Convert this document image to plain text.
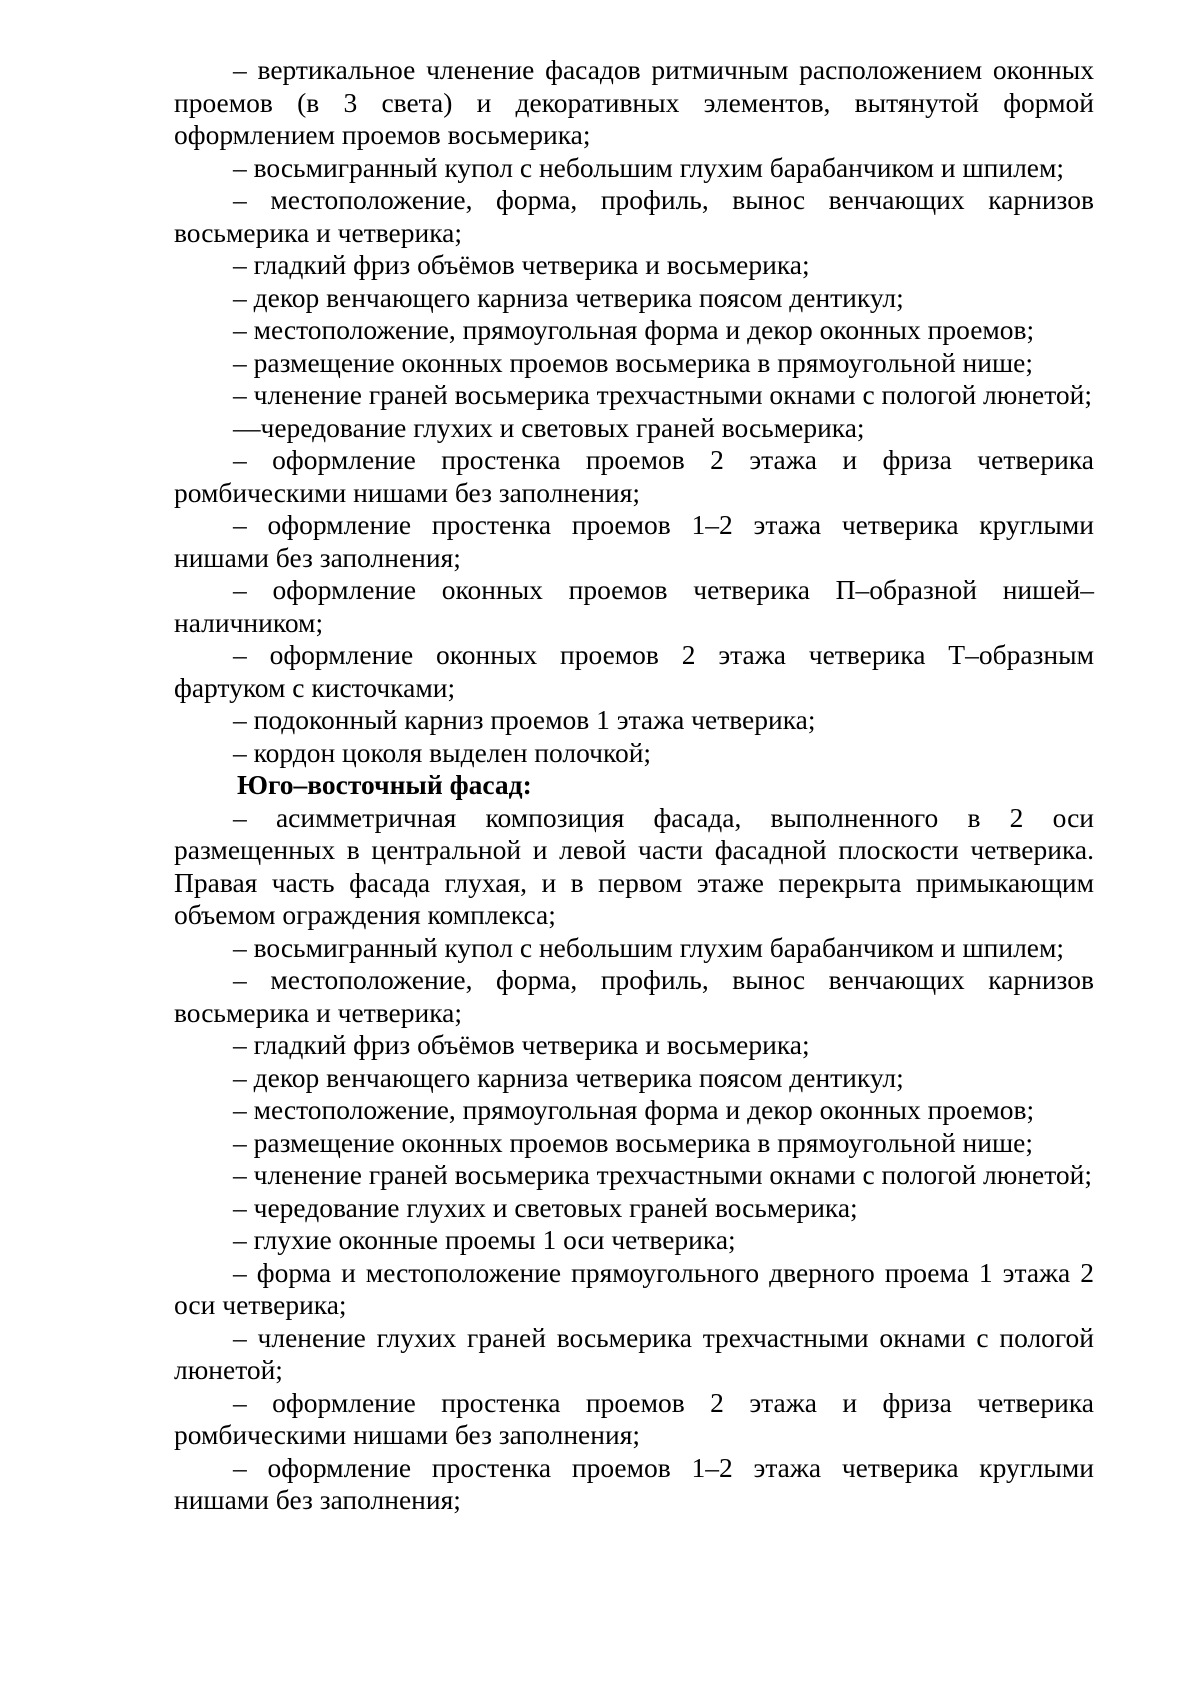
– вертикальное членение фасадов ритмичным расположением оконных проемов (в 3 света) и декоративных элементов, вытянутой формой оформлением проемов восьмерика;

– восьмигранный купол с небольшим глухим барабанчиком и шпилем;

– местоположение, форма, профиль, вынос венчающих карнизов восьмерика и четверика;

– гладкий фриз объёмов четверика и восьмерика;

– декор венчающего карниза четверика поясом дентикул;

– местоположение, прямоугольная форма и декор оконных проемов;

– размещение оконных проемов восьмерика в прямоугольной нише;

– членение граней восьмерика трехчастными окнами с пологой люнетой;

—чередование глухих и световых граней восьмерика;

– оформление простенка проемов 2 этажа и фриза четверика ромбическими нишами без заполнения;

– оформление простенка проемов 1–2 этажа четверика круглыми нишами без заполнения;

– оформление оконных проемов четверика П–образной нишей–наличником;

– оформление оконных проемов 2 этажа четверика Т–образным фартуком с кисточками;

– подоконный карниз проемов 1 этажа четверика;

– кордон цоколя выделен полочкой;

Юго–восточный фасад:

– асимметричная композиция фасада, выполненного в 2 оси размещенных в центральной и левой части фасадной плоскости четверика. Правая часть фасада глухая, и в первом этаже перекрыта примыкающим объемом ограждения комплекса;

– восьмигранный купол с небольшим глухим барабанчиком и шпилем;

– местоположение, форма, профиль, вынос венчающих карнизов восьмерика и четверика;

– гладкий фриз объёмов четверика и восьмерика;

– декор венчающего карниза четверика поясом дентикул;

– местоположение, прямоугольная форма и декор оконных проемов;

– размещение оконных проемов восьмерика в прямоугольной нише;

– членение граней восьмерика трехчастными окнами с пологой люнетой;

– чередование глухих и световых граней восьмерика;

– глухие оконные проемы 1 оси четверика;

– форма и местоположение прямоугольного дверного проема 1 этажа 2 оси четверика;

– членение глухих граней восьмерика трехчастными окнами с пологой люнетой;

– оформление простенка проемов 2 этажа и фриза четверика ромбическими нишами без заполнения;

– оформление простенка проемов 1–2 этажа четверика круглыми нишами без заполнения;
